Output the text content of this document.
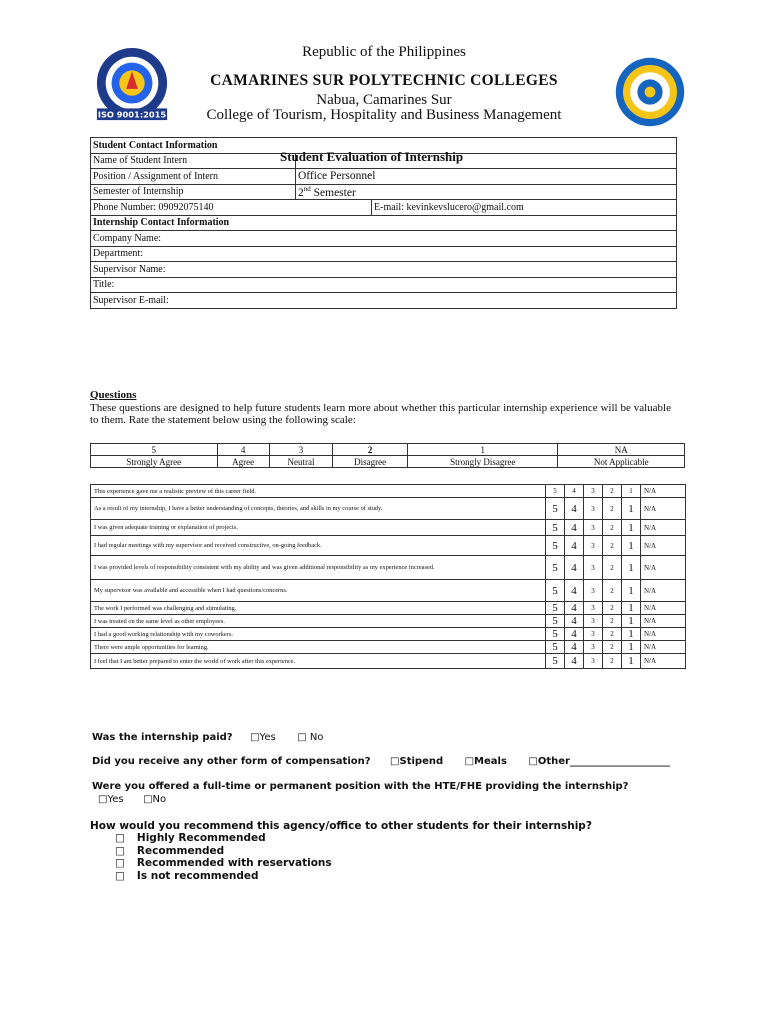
ISO 9001:2015
Republic of the Philippines
CAMARINES SUR POLYTECHNIC COLLEGES
Nabua, Camarines Sur
College of Tourism, Hospitality and Business Management
Student Contact Information		
Name of Student Intern		
Position / Assignment of Intern	Office Personnel	
Semester of Internship	2nd Semester	
Phone Number: 09092075140		E-mail: kevinkevslucero@gmail.com
Internship Contact Information		
Company Name:		
Department:		
Supervisor Name:		
Title:		
Supervisor E-mail:		
Student Evaluation of Internship
Questions
These questions are designed to help future students learn more about whether this particular internship experience will be valuable to them. Rate the statement below using the following scale:
5	4	3	2	1	NA
Strongly Agree	Agree	Neutral	Disagree	Strongly Disagree	Not Applicable
This experience gave me a realistic preview of this career field.	5	4	3	2	1	N/A
As a result of my internship, I have a better understanding of concepts, theories, and skills in my course of study.	5	4	3	2	1	N/A
I was given adequate training or explanation of projects.	5	4	3	2	1	N/A
I had regular meetings with my supervisor and received constructive, on-going feedback.	5	4	3	2	1	N/A
I was provided levels of responsibility consistent with my ability and was given additional responsibility as my experience increased.	5	4	3	2	1	N/A
My supervisor was available and accessible when I had questions/concerns.	5	4	3	2	1	N/A
The work I performed was challenging and stimulating.	5	4	3	2	1	N/A
I was treated on the same level as other employees.	5	4	3	2	1	N/A
I had a good working relationship with my coworkers.	5	4	3	2	1	N/A
There were ample opportunities for learning.	5	4	3	2	1	N/A
I feel that I am better prepared to enter the world of work after this experience.	5	4	3	2	1	N/A
Was the internship paid? □Yes □ No
Did you receive any other form of compensation? □Stipend □Meals □Other____________________
Were you offered a full-time or permanent position with the HTE/FHE providing the internship?
□Yes □No
How would you recommend this agency/office to other students for their internship?
□ Highly Recommended
□ Recommended
□ Recommended with reservations
□ Is not recommended
